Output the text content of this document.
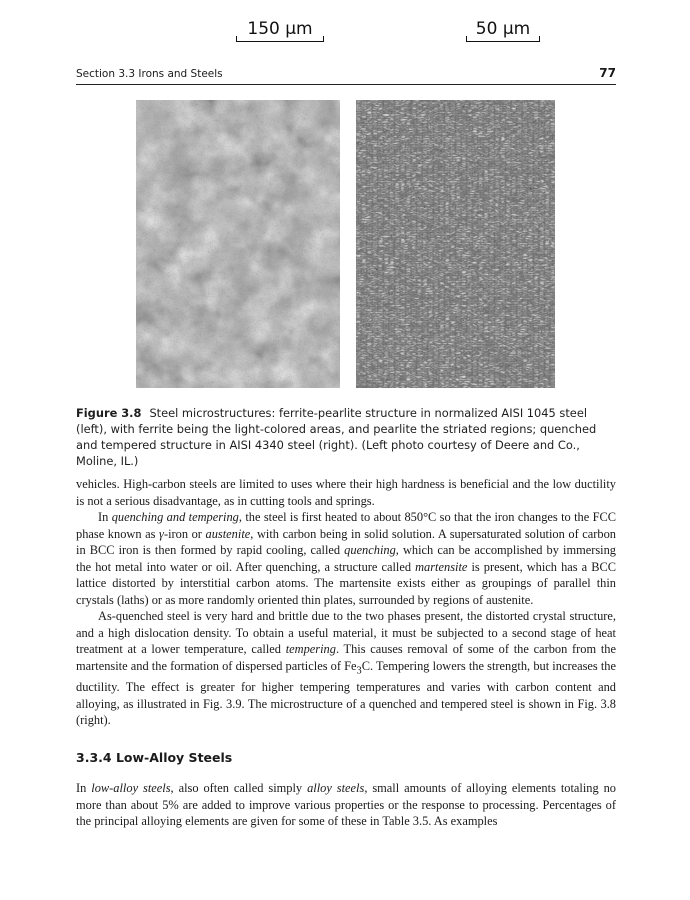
Section 3.3 Irons and Steels	77
150 µm	50 µm
Figure 3.8 Steel microstructures: ferrite-pearlite structure in normalized AISI 1045 steel (left), with ferrite being the light-colored areas, and pearlite the striated regions; quenched and tempered structure in AISI 4340 steel (right). (Left photo courtesy of Deere and Co., Moline, IL.)

vehicles. High-carbon steels are limited to uses where their high hardness is beneficial and the low ductility is not a serious disadvantage, as in cutting tools and springs.

In quenching and tempering, the steel is first heated to about 850°C so that the iron changes to the FCC phase known as γ-iron or austenite, with carbon being in solid solution. A supersaturated solution of carbon in BCC iron is then formed by rapid cooling, called quenching, which can be accomplished by immersing the hot metal into water or oil. After quenching, a structure called martensite is present, which has a BCC lattice distorted by interstitial carbon atoms. The martensite exists either as groupings of parallel thin crystals (laths) or as more randomly oriented thin plates, surrounded by regions of austenite.

As-quenched steel is very hard and brittle due to the two phases present, the distorted crystal structure, and a high dislocation density. To obtain a useful material, it must be subjected to a second stage of heat treatment at a lower temperature, called tempering. This causes removal of some of the carbon from the martensite and the formation of dispersed particles of $Fe_3C$. Tempering lowers the strength, but increases the ductility. The effect is greater for higher tempering temperatures and varies with carbon content and alloying, as illustrated in Fig. 3.9. The microstructure of a quenched and tempered steel is shown in Fig. 3.8 (right).

3.3.4 Low-Alloy Steels

In low-alloy steels, also often called simply alloy steels, small amounts of alloying elements totaling no more than about 5% are added to improve various properties or the response to processing. Percentages of the principal alloying elements are given for some of these in Table 3.5. As examples
